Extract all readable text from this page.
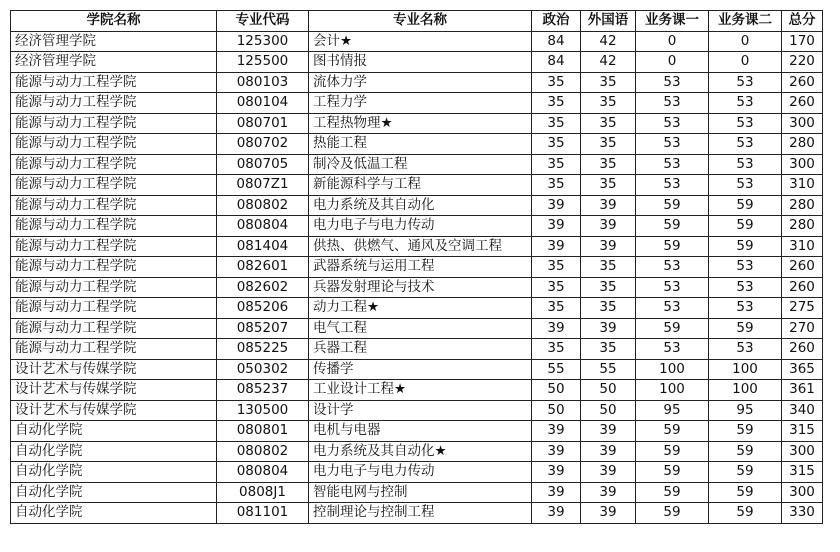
学院名称	专业代码	专业名称	政治	外国语	业务课一	业务课二	总分
经济管理学院	125300	会计★	84	42	0	0	170
经济管理学院	125500	图书情报	84	42	0	0	220
能源与动力工程学院	080103	流体力学	35	35	53	53	260
能源与动力工程学院	080104	工程力学	35	35	53	53	260
能源与动力工程学院	080701	工程热物理★	35	35	53	53	300
能源与动力工程学院	080702	热能工程	35	35	53	53	280
能源与动力工程学院	080705	制冷及低温工程	35	35	53	53	300
能源与动力工程学院	0807Z1	新能源科学与工程	35	35	53	53	310
能源与动力工程学院	080802	电力系统及其自动化	39	39	59	59	280
能源与动力工程学院	080804	电力电子与电力传动	39	39	59	59	280
能源与动力工程学院	081404	供热、供燃气、通风及空调工程	39	39	59	59	310
能源与动力工程学院	082601	武器系统与运用工程	35	35	53	53	260
能源与动力工程学院	082602	兵器发射理论与技术	35	35	53	53	260
能源与动力工程学院	085206	动力工程★	35	35	53	53	275
能源与动力工程学院	085207	电气工程	39	39	59	59	270
能源与动力工程学院	085225	兵器工程	35	35	53	53	260
设计艺术与传媒学院	050302	传播学	55	55	100	100	365
设计艺术与传媒学院	085237	工业设计工程★	50	50	100	100	361
设计艺术与传媒学院	130500	设计学	50	50	95	95	340
自动化学院	080801	电机与电器	39	39	59	59	315
自动化学院	080802	电力系统及其自动化★	39	39	59	59	300
自动化学院	080804	电力电子与电力传动	39	39	59	59	315
自动化学院	0808J1	智能电网与控制	39	39	59	59	300
自动化学院	081101	控制理论与控制工程	39	39	59	59	330
